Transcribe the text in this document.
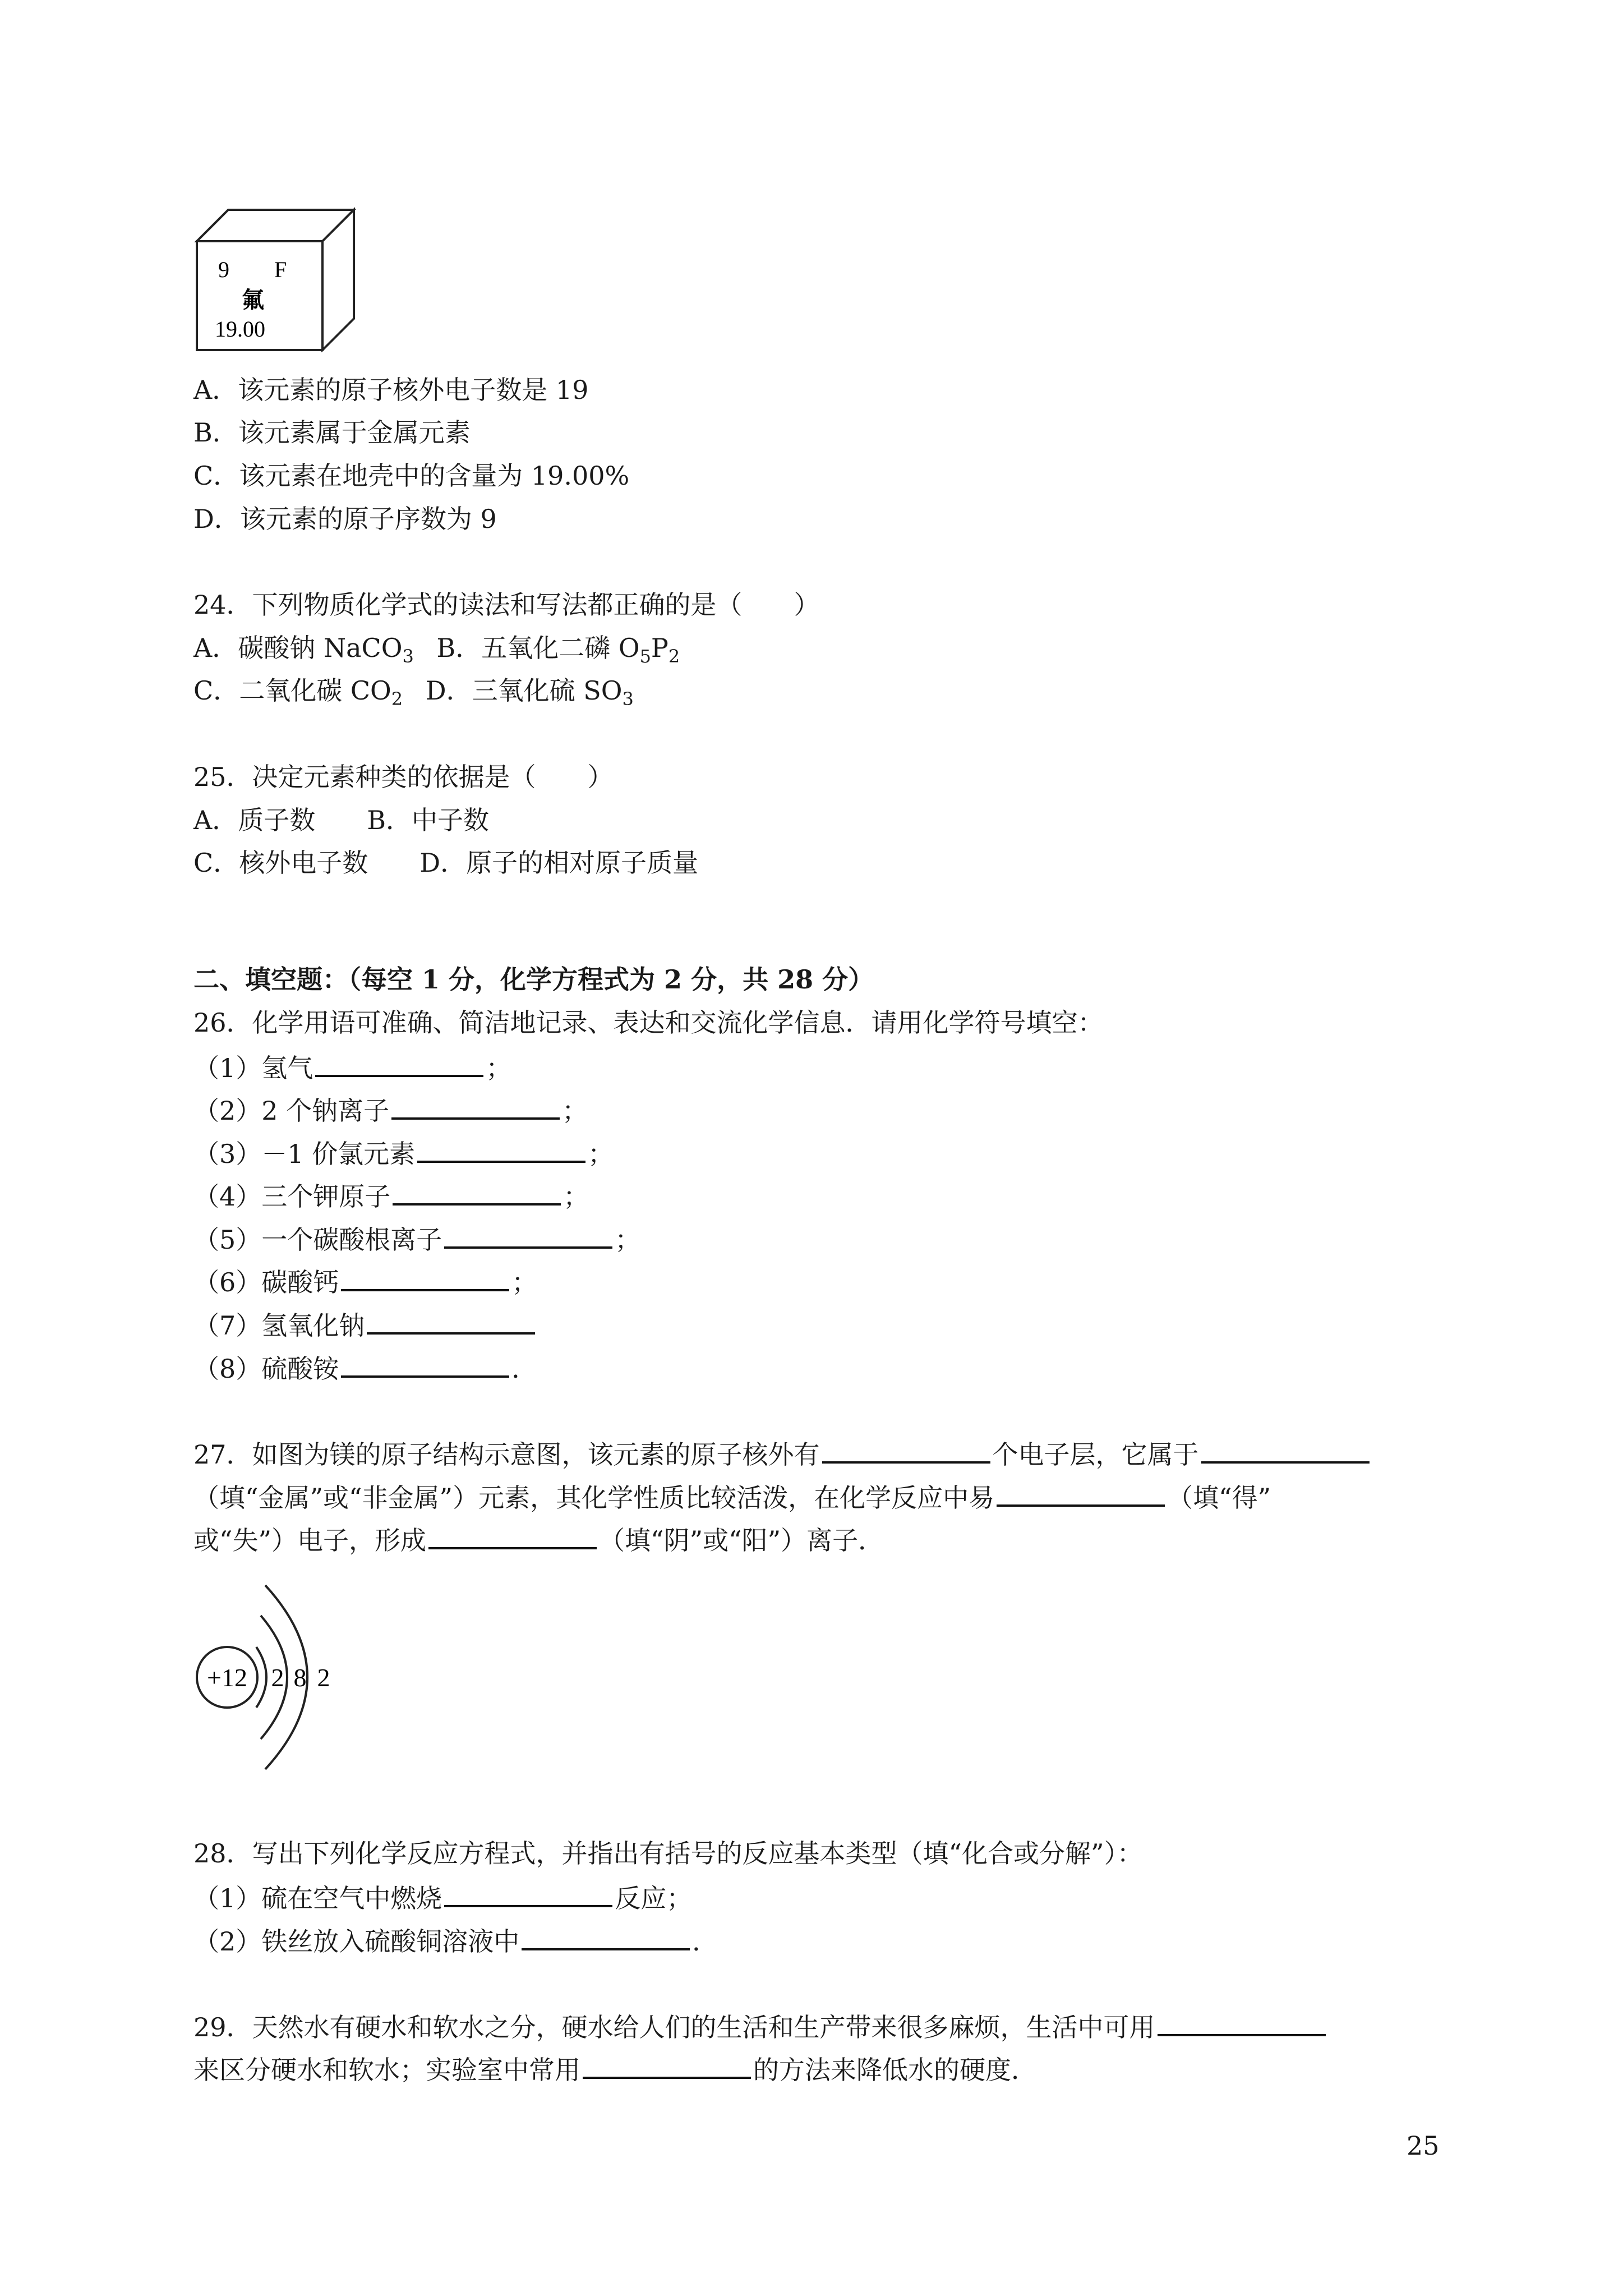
9 F
氟
19.00
A．该元素的原子核外电子数是 19
B．该元素属于金属元素
C．该元素在地壳中的含量为 19.00%
D．该元素的原子序数为 9
24．下列物质化学式的读法和写法都正确的是（　　）
A．碳酸钠 NaCO$_3$ B．五氧化二磷 $O_5P_2$
C．二氧化碳 $CO_2$ D．三氧化硫 $SO_3$
25．决定元素种类的依据是（　　）
A．质子数　　B．中子数
C．核外电子数　　D．原子的相对原子质量
二、填空题：（每空 1 分，化学方程式为 2 分，共 28 分）
26．化学用语可准确、简洁地记录、表达和交流化学信息．请用化学符号填空：
（1）氢气	；
（2）2 个钠离子	；
（3）－1 价氯元素	；
（4）三个钾原子	；
（5）一个碳酸根离子	；
（6）碳酸钙	；
（7）氢氧化钠
（8）硫酸铵	．
27．如图为镁的原子结构示意图，该元素的原子核外有	个电子层，它属于
（填“金属”或“非金属”）元素，其化学性质比较活泼，在化学反应中易	（填“得”
或“失”）电子，形成	（填“阴”或“阳”）离子．
+12 2 8 2
28．写出下列化学反应方程式，并指出有括号的反应基本类型（填“化合或分解”）：
（1）硫在空气中燃烧	反应；
（2）铁丝放入硫酸铜溶液中	．
29．天然水有硬水和软水之分，硬水给人们的生活和生产带来很多麻烦，生活中可用
来区分硬水和软水；实验室中常用	的方法来降低水的硬度．
25
